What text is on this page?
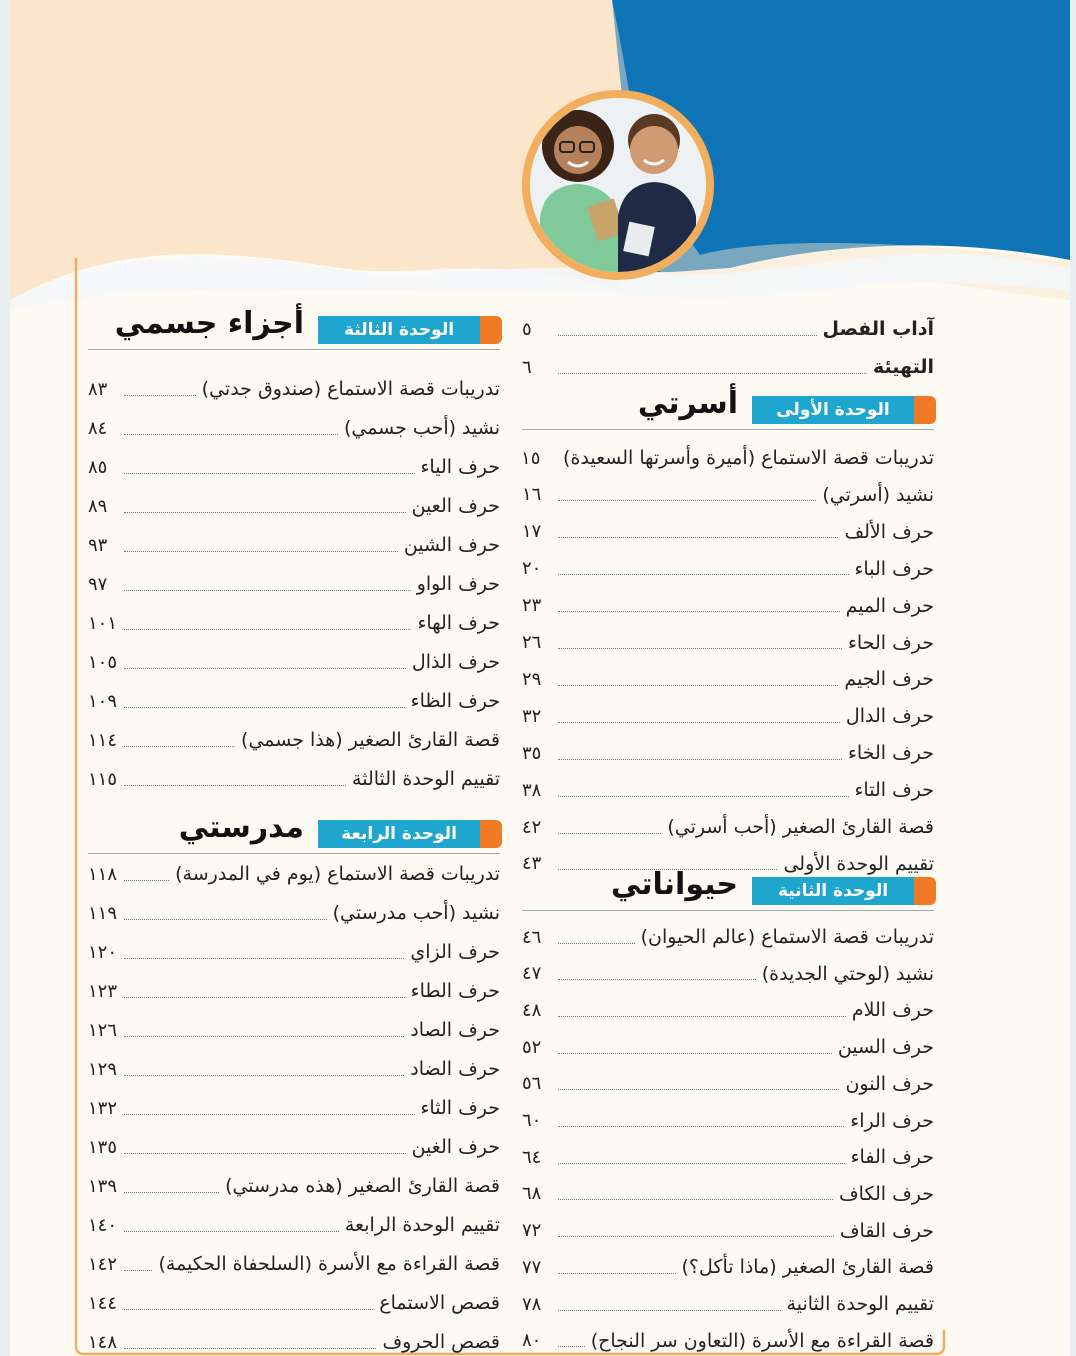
آداب الفصل
٥
التهيئة
٦
الوحدة الأولى
أسرتي
تدريبات قصة الاستماع (أميرة وأسرتها السعيدة)
١٥
نشيد (أسرتي)
١٦
حرف الألف
١٧
حرف الباء
٢٠
حرف الميم
٢٣
حرف الحاء
٢٦
حرف الجيم
٢٩
حرف الدال
٣٢
حرف الخاء
٣٥
حرف التاء
٣٨
قصة القارئ الصغير (أحب أسرتي)
٤٢
تقييم الوحدة الأولى
٤٣
الوحدة الثانية
حيواناتي
تدريبات قصة الاستماع (عالم الحيوان)
٤٦
نشيد (لوحتي الجديدة)
٤٧
حرف اللام
٤٨
حرف السين
٥٢
حرف النون
٥٦
حرف الراء
٦٠
حرف الفاء
٦٤
حرف الكاف
٦٨
حرف القاف
٧٢
قصة القارئ الصغير (ماذا تأكل؟)
٧٧
تقييم الوحدة الثانية
٧٨
قصة القراءة مع الأسرة (التعاون سر النجاح)
٨٠
الوحدة الثالثة
أجزاء جسمي
تدريبات قصة الاستماع (صندوق جدتي)
٨٣
نشيد (أحب جسمي)
٨٤
حرف الياء
٨٥
حرف العين
٨٩
حرف الشين
٩٣
حرف الواو
٩٧
حرف الهاء
١٠١
حرف الذال
١٠٥
حرف الظاء
١٠٩
قصة القارئ الصغير (هذا جسمي)
١١٤
تقييم الوحدة الثالثة
١١٥
الوحدة الرابعة
مدرستي
تدريبات قصة الاستماع (يوم في المدرسة)
١١٨
نشيد (أحب مدرستي)
١١٩
حرف الزاي
١٢٠
حرف الطاء
١٢٣
حرف الصاد
١٢٦
حرف الضاد
١٢٩
حرف الثاء
١٣٢
حرف الغين
١٣٥
قصة القارئ الصغير (هذه مدرستي)
١٣٩
تقييم الوحدة الرابعة
١٤٠
قصة القراءة مع الأسرة (السلحفاة الحكيمة)
١٤٢
قصص الاستماع
١٤٤
قصص الحروف
١٤٨
